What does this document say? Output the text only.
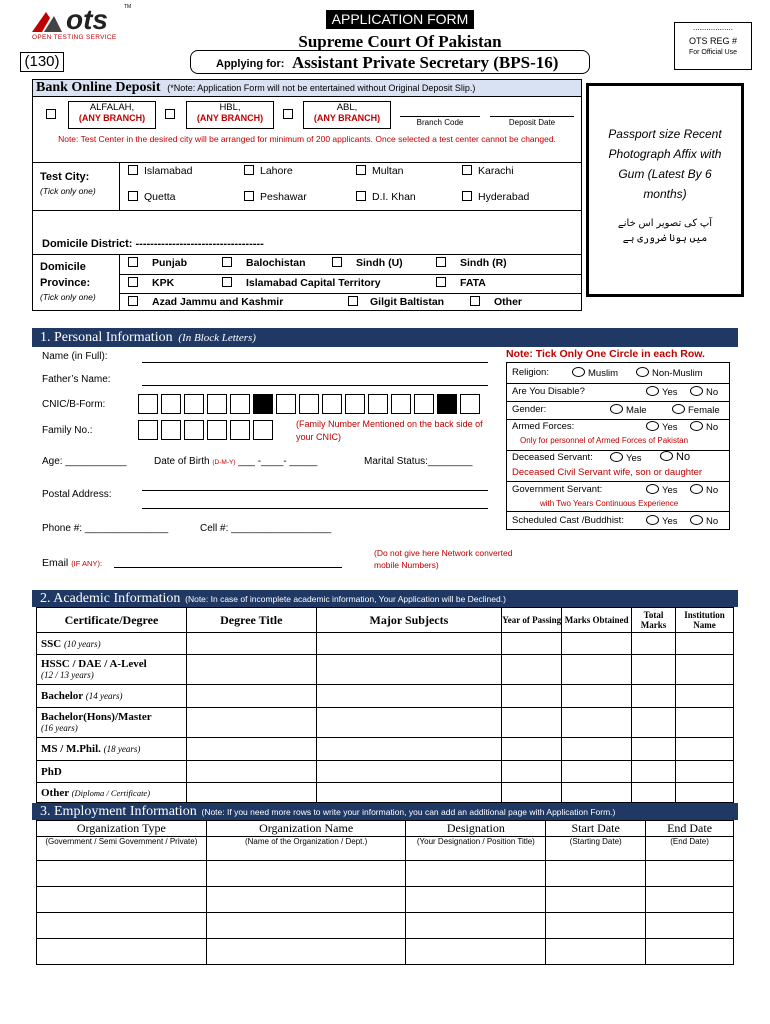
ots	TM
OPEN TESTING SERVICE
(130)
APPLICATION FORM
Supreme Court Of Pakistan
Applying for: Assistant Private Secretary (BPS-16)
..................
OTS REG #
For Official Use
Bank Online Deposit (*Note: Application Form will not be entertained without Original Deposit Slip.)
ALFALAH,
(ANY BRANCH)
HBL,
(ANY BRANCH)
ABL,
(ANY BRANCH)	Branch Code	Deposit Date
Note: Test Center in the desired city will be arranged for minimum of 200 applicants. Once selected a test center cannot be changed.
Test City:
(Tick only one)
Islamabad	Lahore	Multan	Karachi
Quetta	Peshawar	D.I. Khan	Hyderabad
Passport size Recent Photograph Affix with Gum (Latest By 6 months)
آپ کی تصویر اس خانے
میں ہونا ضروری ہے
Domicile District: -----------------------------------
Domicile
Province:
(Tick only one)
Punjab	Balochistan	Sindh (U)	Sindh (R)
KPK	Islamabad Capital Territory	FATA
Azad Jammu and Kashmir	Gilgit Baltistan	Other
1. Personal Information (In Block Letters)
Name (in Full):
Father’s Name:
CNIC/B-Form:
Family No.:
(Family Number Mentioned on the back side of your CNIC)
Age: ___________	Date of Birth (D-M-Y) ___ -____- _____	Marital Status:________
Postal Address:
Phone #: _______________	Cell #: __________________
Email (IF ANY):
(Do not give here Network converted mobile Numbers)
Note: Tick Only One Circle in each Row.
Religion:	Muslim	Non-Muslim
Are You Disable?	Yes	No
Gender:	Male	Female
Armed Forces:	Yes	No
Only for personnel of Armed Forces of Pakistan
Deceased Servant:	Yes	No
Deceased Civil Servant wife, son or daughter
Government Servant:	Yes	No
with Two Years Continuous Experience
Scheduled Cast /Buddhist:	Yes	No
2. Academic Information (Note: In case of incomplete academic information, Your Application will be Declined.)
Certificate/Degree	Degree Title	Major Subjects	Year of Passing	Marks Obtained	Total Marks	Institution Name
SSC (10 years)						

HSSC / DAE / A-Level
(12 / 13 years)						
Bachelor (14 years)						

Bachelor(Hons)/Master
(16 years)						
MS / M.Phil. (18 years)						
PhD						
Other (Diploma / Certificate)						
3. Employment Information (Note: If you need more rows to write your information, you can add an additional page with Application Form.)
Organization Type	Organization Name	Designation	Start Date	End Date
(Government / Semi Government / Private)	(Name of the Organization / Dept.)	(Your Designation / Position Title)	(Starting Date)	(End Date)
